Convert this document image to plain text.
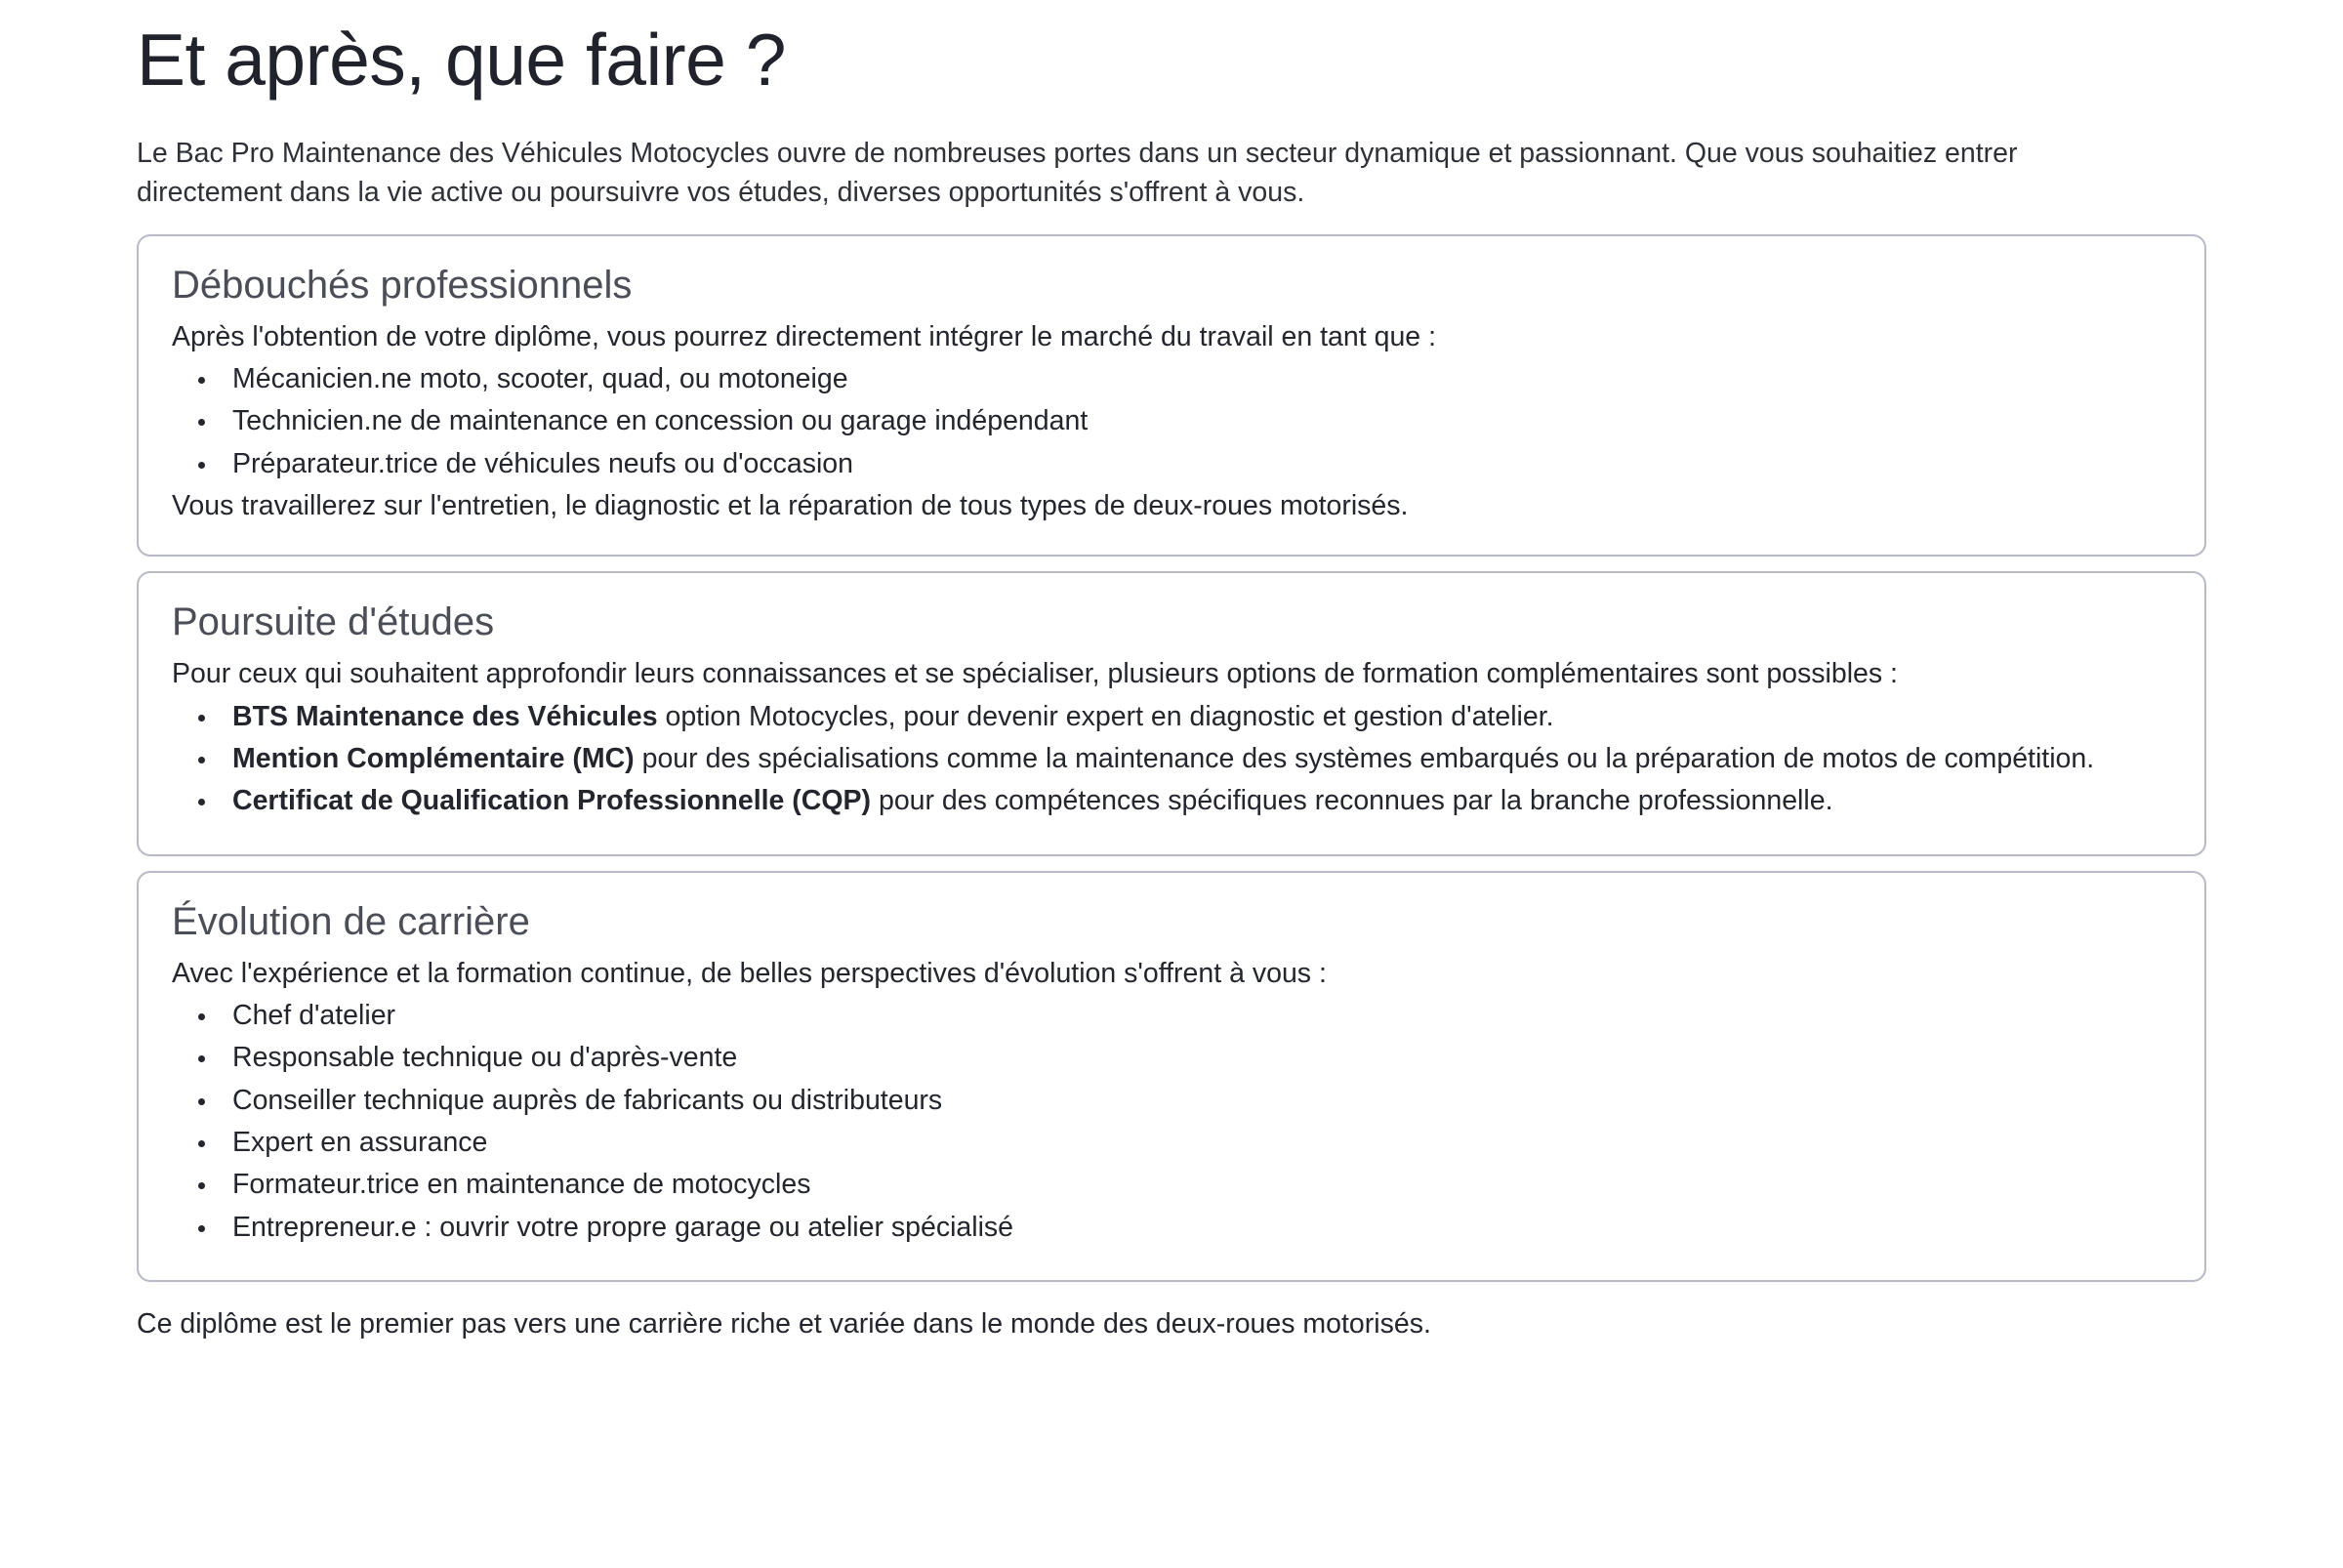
Et après, que faire ?

Le Bac Pro Maintenance des Véhicules Motocycles ouvre de nombreuses portes dans un secteur dynamique et passionnant. Que vous souhaitiez entrer directement dans la vie active ou poursuivre vos études, diverses opportunités s'offrent à vous.

Débouchés professionnels

Après l'obtention de votre diplôme, vous pourrez directement intégrer le marché du travail en tant que :

Mécanicien.ne moto, scooter, quad, ou motoneige
Technicien.ne de maintenance en concession ou garage indépendant
Préparateur.trice de véhicules neufs ou d'occasion

Vous travaillerez sur l'entretien, le diagnostic et la réparation de tous types de deux-roues motorisés.

Poursuite d'études

Pour ceux qui souhaitent approfondir leurs connaissances et se spécialiser, plusieurs options de formation complémentaires sont possibles :

BTS Maintenance des Véhicules option Motocycles, pour devenir expert en diagnostic et gestion d'atelier.
Mention Complémentaire (MC) pour des spécialisations comme la maintenance des systèmes embarqués ou la préparation de motos de compétition.
Certificat de Qualification Professionnelle (CQP) pour des compétences spécifiques reconnues par la branche professionnelle.
Évolution de carrière

Avec l'expérience et la formation continue, de belles perspectives d'évolution s'offrent à vous :

Chef d'atelier
Responsable technique ou d'après-vente
Conseiller technique auprès de fabricants ou distributeurs
Expert en assurance
Formateur.trice en maintenance de motocycles
Entrepreneur.e : ouvrir votre propre garage ou atelier spécialisé

Ce diplôme est le premier pas vers une carrière riche et variée dans le monde des deux-roues motorisés.
